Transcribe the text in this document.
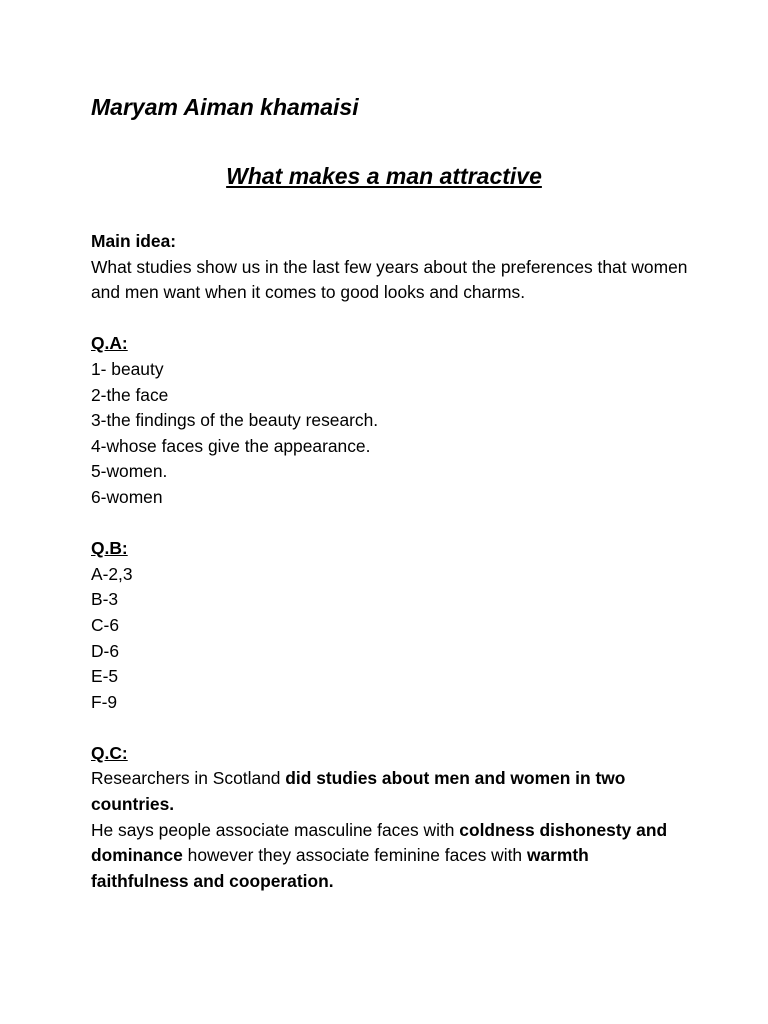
Maryam Aiman khamaisi
What makes a man attractive

Main idea:

What studies show us in the last few years about the preferences that women and men want when it comes to good looks and charms.

Q.A:

1- beauty

2-the face

3-the findings of the beauty research.

4-whose faces give the appearance.

5-women.

6-women

Q.B:

A-2,3

B-3

C-6

D-6

E-5

F-9

Q.C:

Researchers in Scotland did studies about men and women in two countries.

He says people associate masculine faces with coldness dishonesty and dominance however they associate feminine faces with warmth faithfulness and cooperation.
